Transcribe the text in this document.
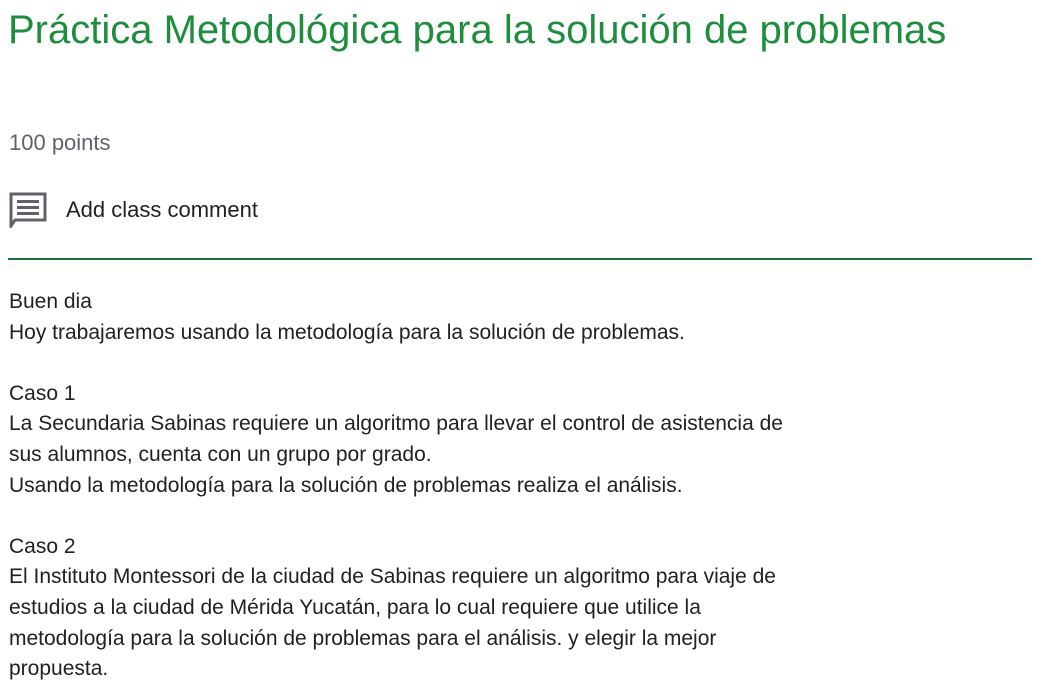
Práctica Metodológica para la solución de problemas
100 points
Add class comment

Buen dia

Hoy trabajaremos usando la metodología para la solución de problemas.

Caso 1

La Secundaria Sabinas requiere un algoritmo para llevar el control de asistencia de

sus alumnos, cuenta con un grupo por grado.

Usando la metodología para la solución de problemas realiza el análisis.

Caso 2

El Instituto Montessori de la ciudad de Sabinas requiere un algoritmo para viaje de

estudios a la ciudad de Mérida Yucatán, para lo cual requiere que utilice la

metodología para la solución de problemas para el análisis. y elegir la mejor

propuesta.
